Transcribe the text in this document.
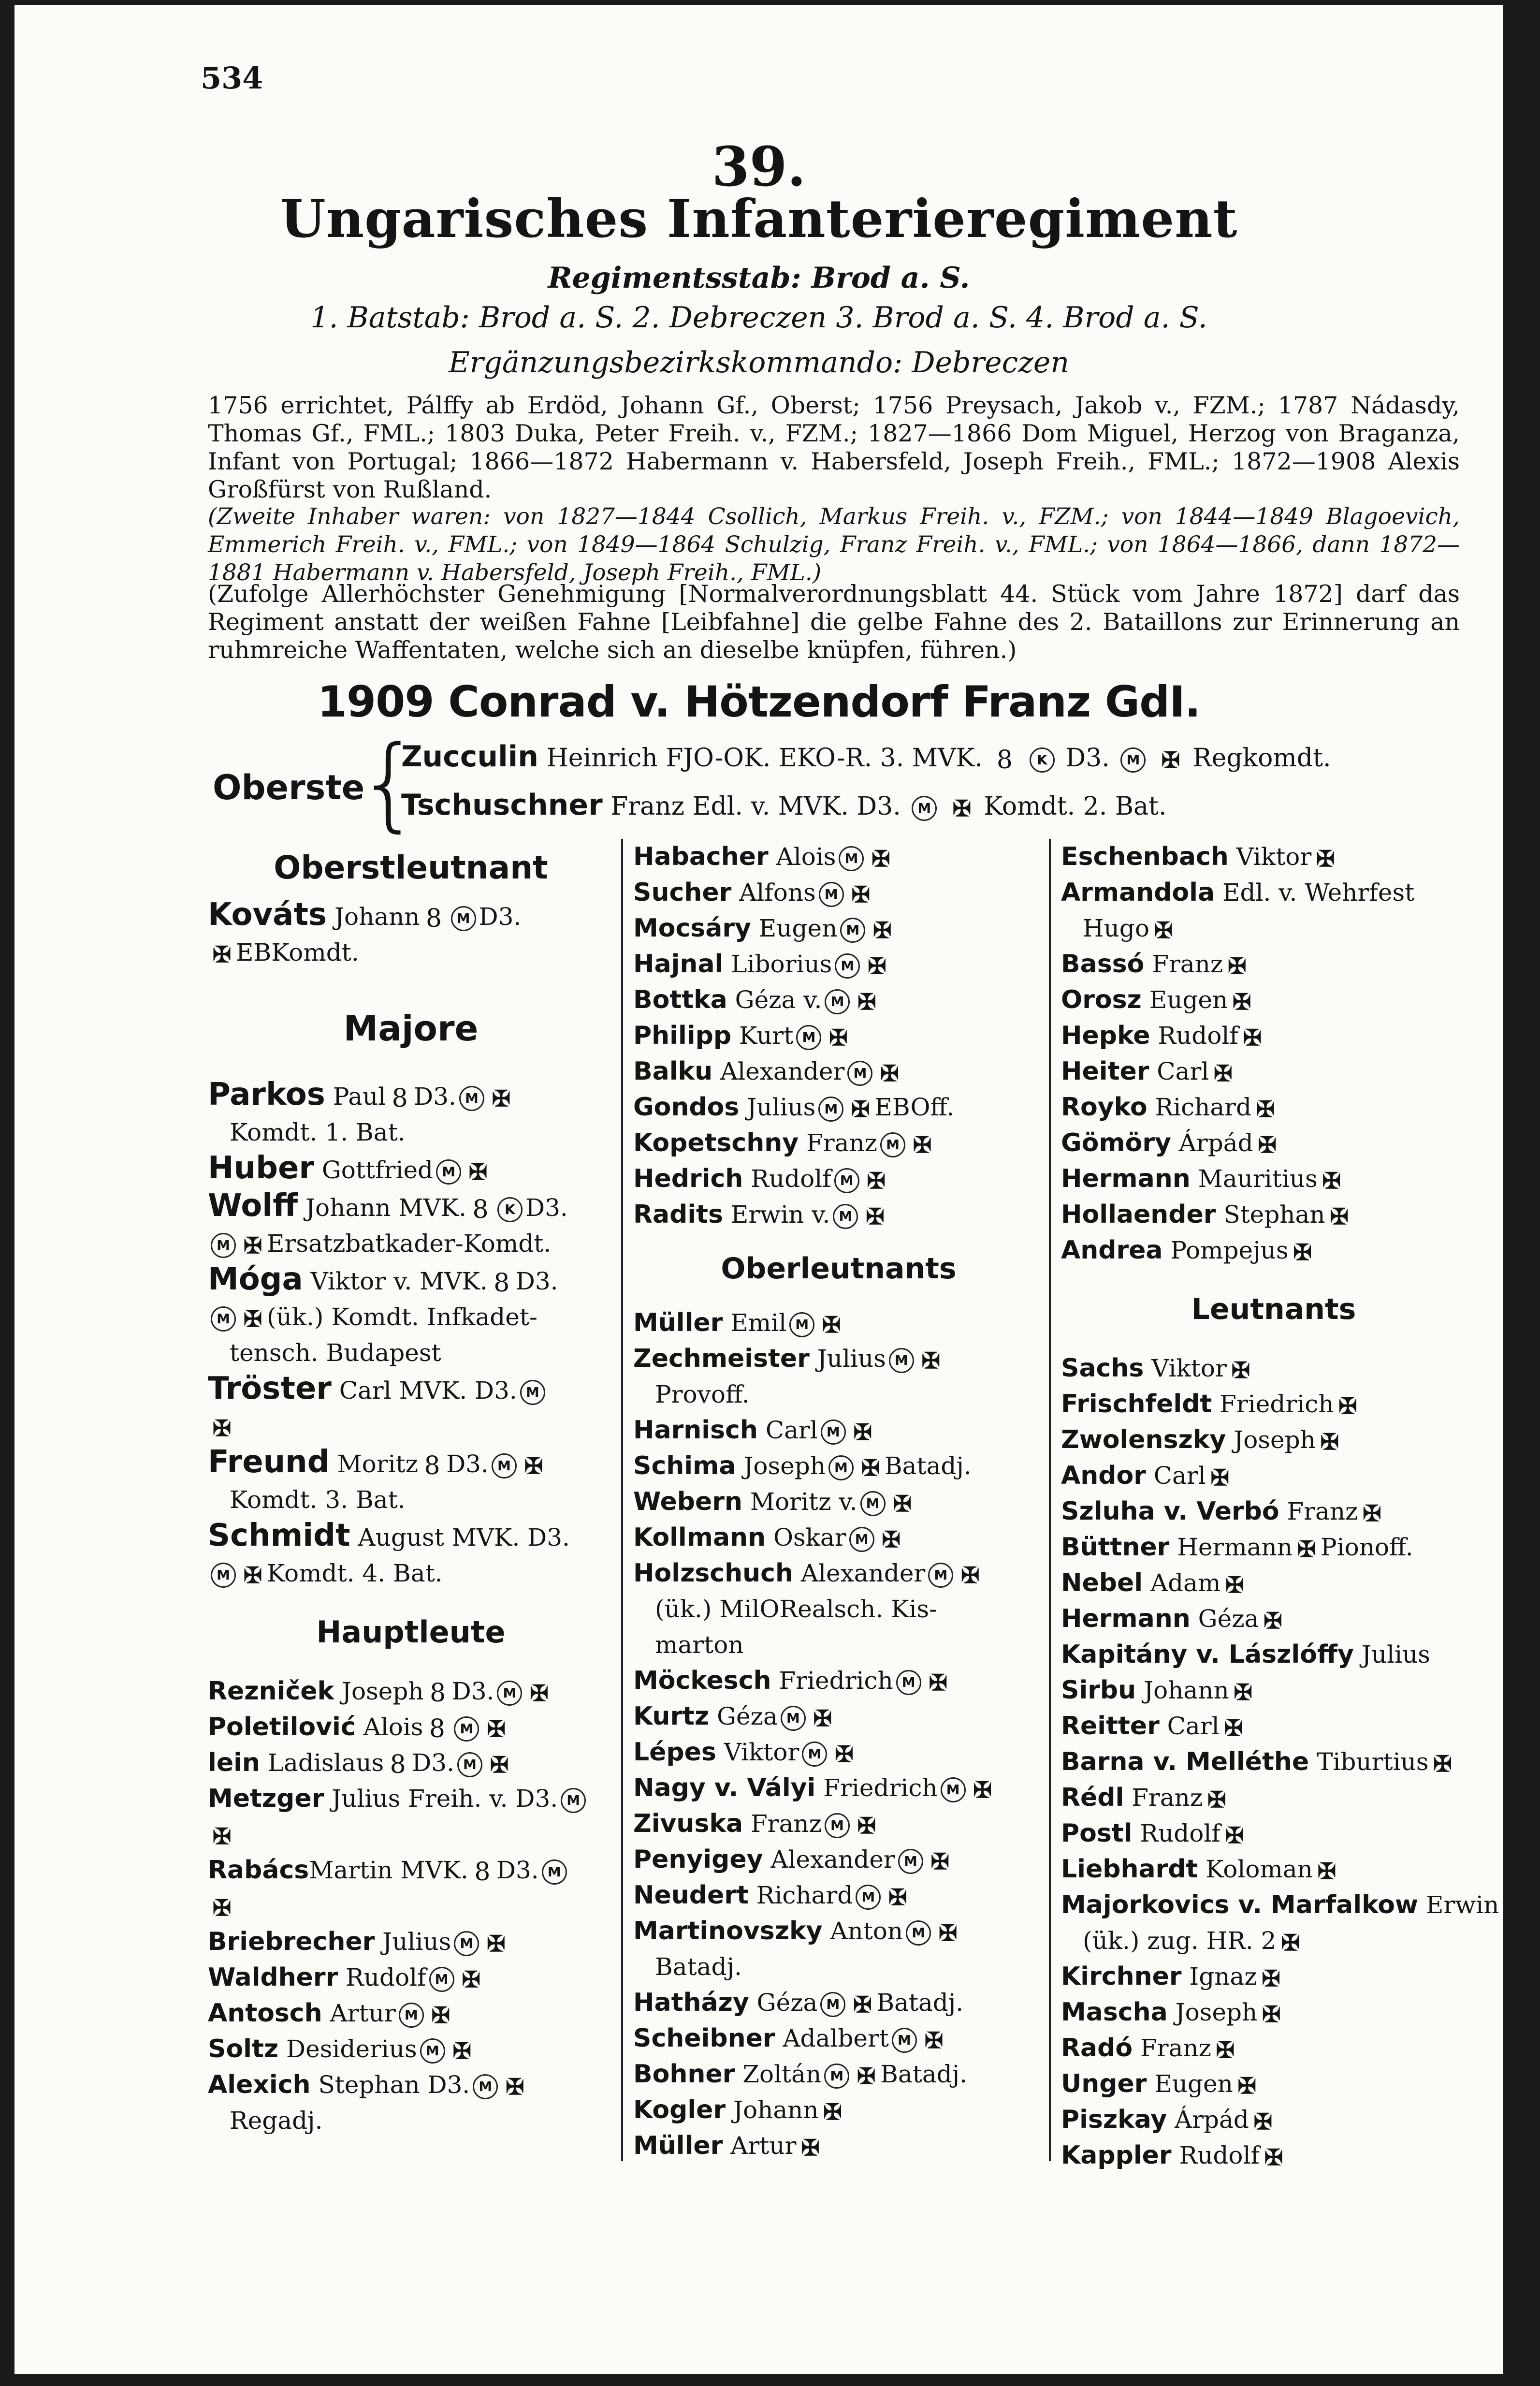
534
39.
Ungarisches Infanterieregiment
Regimentsstab: Brod a. S.
1. Batstab: Brod a. S. 2. Debreczen 3. Brod a. S. 4. Brod a. S.
Ergänzungsbezirkskommando: Debreczen
1756 errichtet, Pálffy ab Erdöd, Johann Gf., Oberst; 1756 Preysach, Jakob v., FZM.; 1787 Nádasdy, Thomas Gf., FML.; 1803 Duka, Peter Freih. v., FZM.; 1827—1866 Dom Miguel, Herzog von Braganza, Infant von Portugal; 1866—1872 Habermann v. Habersfeld, Joseph Freih., FML.; 1872—1908 Alexis Großfürst von Rußland.
(Zweite Inhaber waren: von 1827—1844 Csollich, Markus Freih. v., FZM.; von 1844—1849 Blagoevich, Emmerich Freih. v., FML.; von 1849—1864 Schulzig, Franz Freih. v., FML.; von 1864—1866, dann 1872—1881 Habermann v. Habersfeld, Joseph Freih., FML.)
(Zufolge Allerhöchster Genehmigung [Normalverordnungsblatt 44. Stück vom Jahre 1872] darf das Regiment anstatt der weißen Fahne [Leibfahne] die gelbe Fahne des 2. Bataillons zur Erinnerung an ruhmreiche Waffentaten, welche sich an dieselbe knüpfen, führen.)
1909 Conrad v. Hötzendorf Franz GdI.
Oberste
{
Zucculin Heinrich FJO-OK. EKO-R. 3. MVK. 8 K D3. M ✠ Regkomdt.
Tschuschner Franz Edl. v. MVK. D3. M ✠ Komdt. 2. Bat.
Oberstleutnant
Kováts Johann 8 M D3.
✠ EBKomdt.
Majore
Parkos Paul 8 D3. M ✠
Komdt. 1. Bat.
Huber Gottfried M ✠
Wolff Johann MVK. 8 K D3.
M ✠ Ersatzbatkader-Komdt.
Móga Viktor v. MVK. 8 D3.
M ✠ (ük.) Komdt. Infkadet-
tensch. Budapest
Tröster Carl MVK. D3. M
✠
Freund Moritz 8 D3. M ✠
Komdt. 3. Bat.
Schmidt August MVK. D3.
M ✠ Komdt. 4. Bat.
Hauptleute
Rezniček Joseph 8 D3. M ✠
Poletilović Alois 8 M ✠
lein Ladislaus 8 D3. M ✠
Metzger Julius Freih. v. D3. M
✠
RabácsMartin MVK. 8 D3. M
✠
Briebrecher Julius M ✠
Waldherr Rudolf M ✠
Antosch Artur M ✠
Soltz Desiderius M ✠
Alexich Stephan D3. M ✠
Regadj.
Habacher Alois M ✠
Sucher Alfons M ✠
Mocsáry Eugen M ✠
Hajnal Liborius M ✠
Bottka Géza v. M ✠
Philipp Kurt M ✠
Balku Alexander M ✠
Gondos Julius M ✠ EBOff.
Kopetschny Franz M ✠
Hedrich Rudolf M ✠
Radits Erwin v. M ✠
Oberleutnants
Müller Emil M ✠
Zechmeister Julius M ✠
Provoff.
Harnisch Carl M ✠
Schima Joseph M ✠ Batadj.
Webern Moritz v. M ✠
Kollmann Oskar M ✠
Holzschuch Alexander M ✠
(ük.) MilORealsch. Kis-
marton
Möckesch Friedrich M ✠
Kurtz Géza M ✠
Lépes Viktor M ✠
Nagy v. Vályi Friedrich M ✠
Zivuska Franz M ✠
Penyigey Alexander M ✠
Neudert Richard M ✠
Martinovszky Anton M ✠
Batadj.
Hatházy Géza M ✠ Batadj.
Scheibner Adalbert M ✠
Bohner Zoltán M ✠ Batadj.
Kogler Johann ✠
Müller Artur ✠
Eschenbach Viktor ✠
Armandola Edl. v. Wehrfest
Hugo ✠
Bassó Franz ✠
Orosz Eugen ✠
Hepke Rudolf ✠
Heiter Carl ✠
Royko Richard ✠
Gömöry Árpád ✠
Hermann Mauritius ✠
Hollaender Stephan ✠
Andrea Pompejus ✠
Leutnants
Sachs Viktor ✠
Frischfeldt Friedrich ✠
Zwolenszky Joseph ✠
Andor Carl ✠
Szluha v. Verbó Franz ✠
Büttner Hermann ✠ Pionoff.
Nebel Adam ✠
Hermann Géza ✠
Kapitány v. Lászlóffy Julius
Sirbu Johann ✠
Reitter Carl ✠
Barna v. Melléthe Tiburtius ✠
Rédl Franz ✠
Postl Rudolf ✠
Liebhardt Koloman ✠
Majorkovics v. Marfalkow Erwin
(ük.) zug. HR. 2 ✠
Kirchner Ignaz ✠
Mascha Joseph ✠
Radó Franz ✠
Unger Eugen ✠
Piszkay Árpád ✠
Kappler Rudolf ✠
